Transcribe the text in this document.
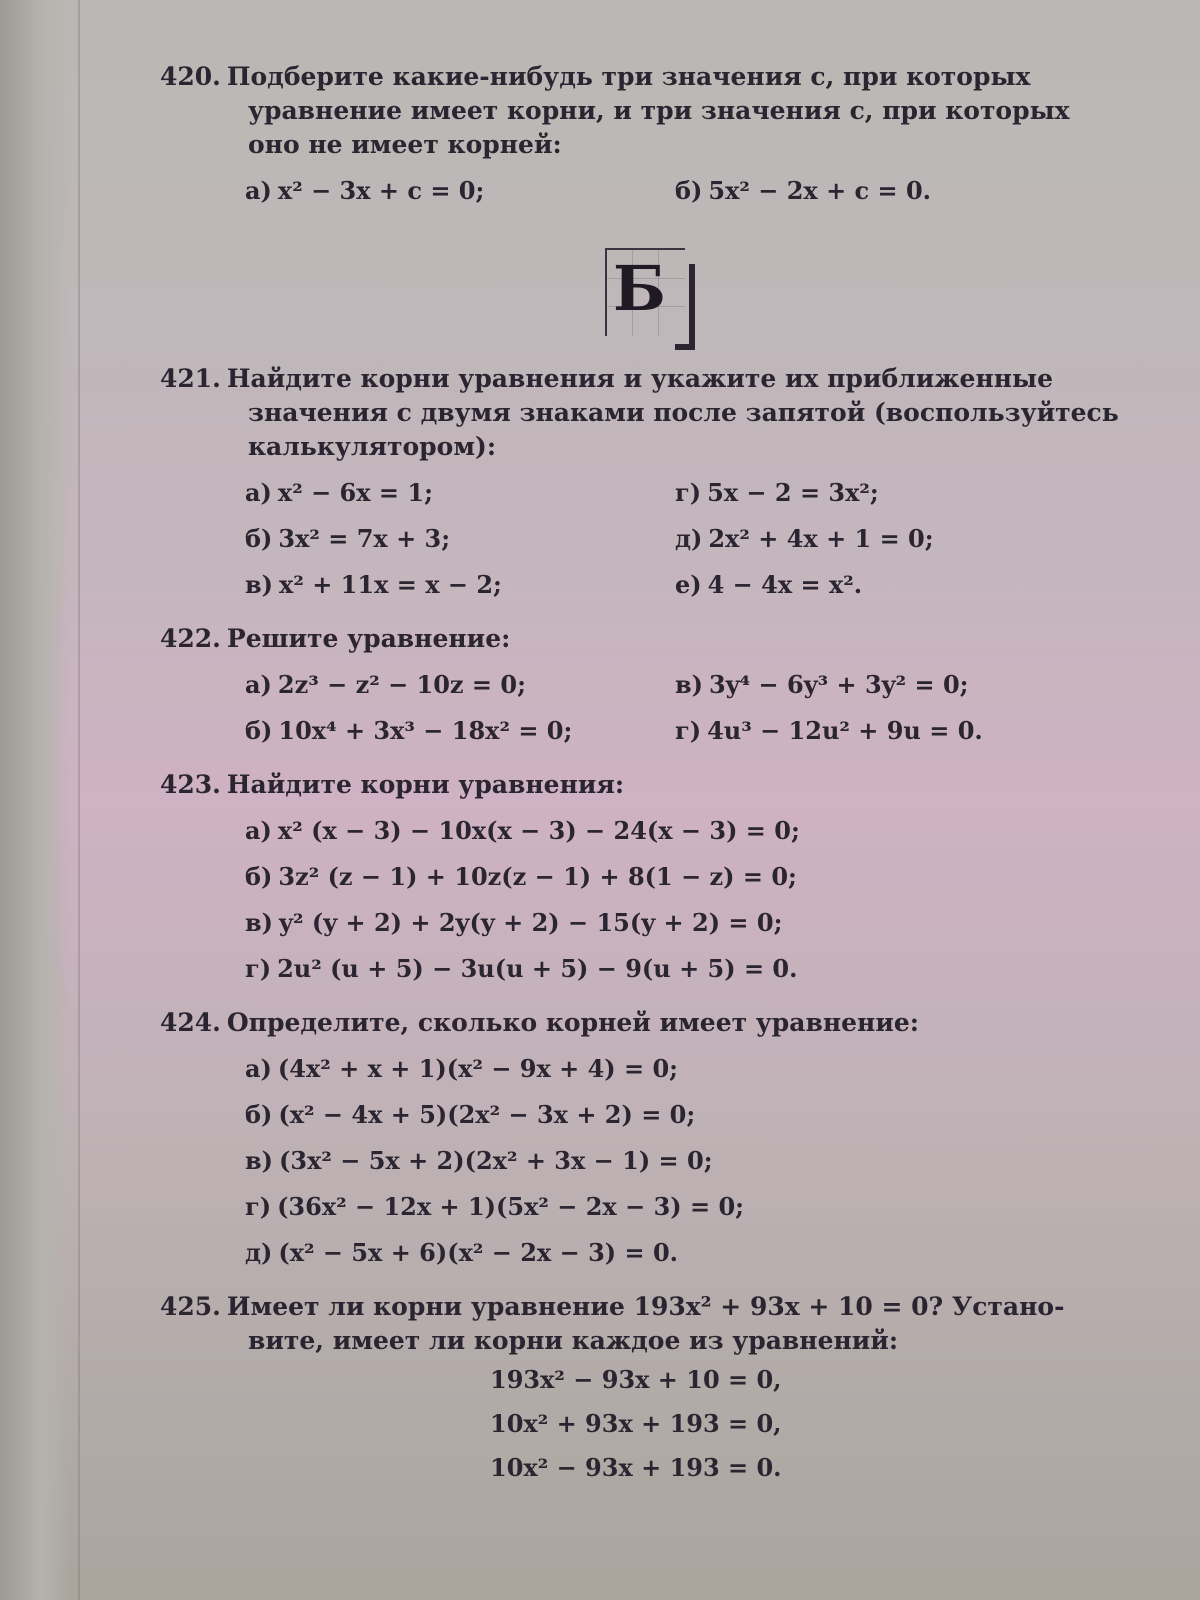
420. Подберите какие-нибудь три значения c, при которых
уравнение имеет корни, и три значения c, при которых
оно не имеет корней:
а) x² − 3x + c = 0;	б) 5x² − 2x + c = 0.
Б
421. Найдите корни уравнения и укажите их приближенные
значения с двумя знаками после запятой (воспользуйтесь
калькулятором):
а) x² − 6x = 1;	г) 5x − 2 = 3x²;
б) 3x² = 7x + 3;	д) 2x² + 4x + 1 = 0;
в) x² + 11x = x − 2;	е) 4 − 4x = x².
422. Решите уравнение:
а) 2z³ − z² − 10z = 0;	в) 3y⁴ − 6y³ + 3y² = 0;
б) 10x⁴ + 3x³ − 18x² = 0;	г) 4u³ − 12u² + 9u = 0.
423. Найдите корни уравнения:
а) x² (x − 3) − 10x(x − 3) − 24(x − 3) = 0;
б) 3z² (z − 1) + 10z(z − 1) + 8(1 − z) = 0;
в) y² (y + 2) + 2y(y + 2) − 15(y + 2) = 0;
г) 2u² (u + 5) − 3u(u + 5) − 9(u + 5) = 0.
424. Определите, сколько корней имеет уравнение:
а) (4x² + x + 1)(x² − 9x + 4) = 0;
б) (x² − 4x + 5)(2x² − 3x + 2) = 0;
в) (3x² − 5x + 2)(2x² + 3x − 1) = 0;
г) (36x² − 12x + 1)(5x² − 2x − 3) = 0;
д) (x² − 5x + 6)(x² − 2x − 3) = 0.
425. Имеет ли корни уравнение 193x² + 93x + 10 = 0? Устано-
вите, имеет ли корни каждое из уравнений:
193x² − 93x + 10 = 0,
10x² + 93x + 193 = 0,
10x² − 93x + 193 = 0.
